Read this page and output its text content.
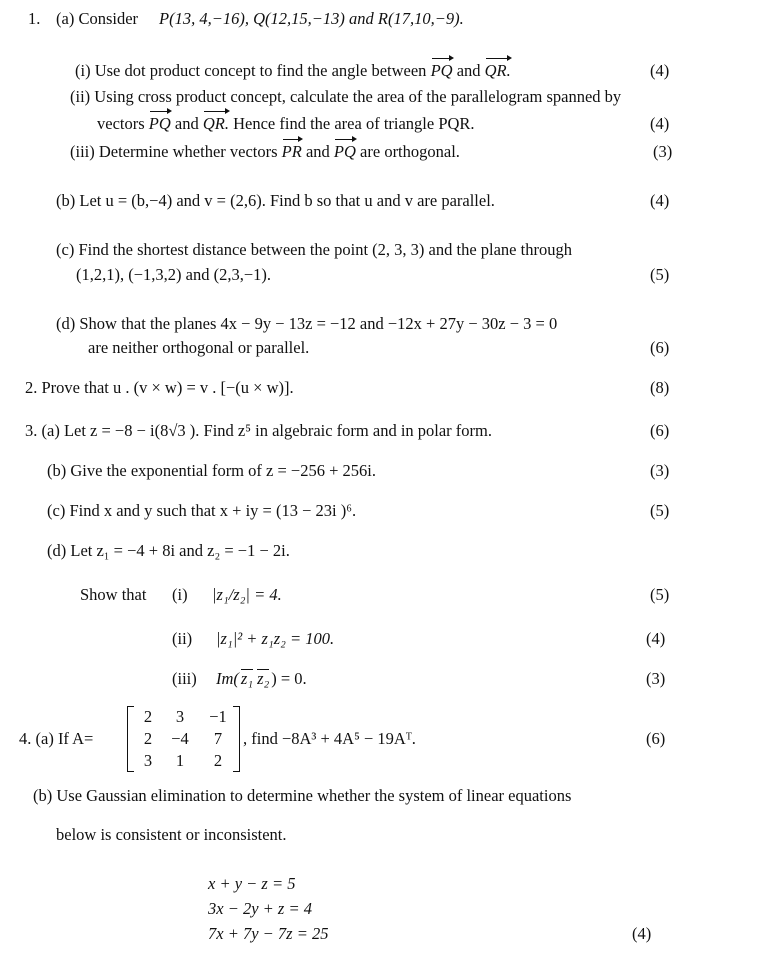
1. (a) Consider P(13, 4,−16), Q(12,15,−13) and R(17,10,−9).
(i) Use dot product concept to find the angle between PQ and QR.	(4)
(ii) Using cross product concept, calculate the area of the parallelogram spanned by
vectors PQ and QR. Hence find the area of triangle PQR.	(4)
(iii) Determine whether vectors PR and PQ are orthogonal.	(3)
(b) Let u = (b,−4) and v = (2,6). Find b so that u and v are parallel.	(4)
(c) Find the shortest distance between the point (2, 3, 3) and the plane through
(1,2,1), (−1,3,2) and (2,3,−1).	(5)
(d) Show that the planes 4x − 9y − 13z = −12 and −12x + 27y − 30z − 3 = 0
are neither orthogonal or parallel.	(6)
2. Prove that u . (v × w) = v . [−(u × w)].	(8)
3. (a) Let z = −8 − i(8√3 ). Find z⁵ in algebraic form and in polar form.	(6)
(b) Give the exponential form of z = −256 + 256i.	(3)
(c) Find x and y such that x + iy = (13 − 23i )⁶.	(5)
(d) Let z₁ = −4 + 8i and z₂ = −1 − 2i.
Show that (i) |z₁/z₂| = 4.	(5)
(ii) |z₁|² + z₁z₂ = 100.	(4)
(iii) Im( z₁ z₂ ) = 0.	(3)
4. (a) If A=
2	3	−1
2	−4	7
3	1	2
, find −8A³ + 4A⁵ − 19Aᵀ.	(6)
(b) Use Gaussian elimination to determine whether the system of linear equations
below is consistent or inconsistent.
x + y − z = 5
3x − 2y + z = 4
7x + 7y − 7z = 25	(4)
